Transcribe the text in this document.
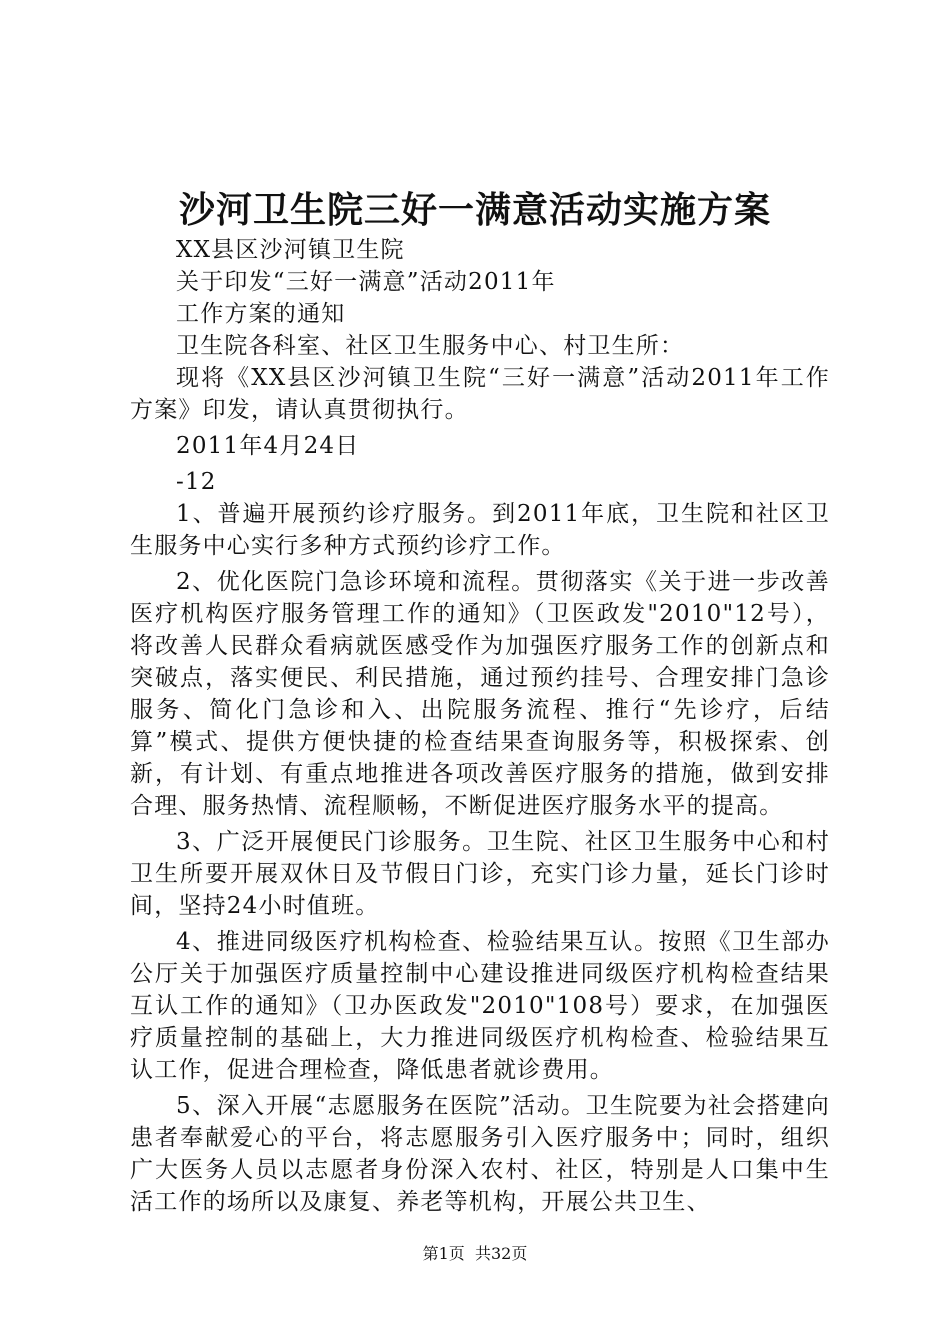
沙河卫生院三好一满意活动实施方案

XX县区沙河镇卫生院

关于印发“三好一满意”活动2011年

工作方案的通知

卫生院各科室、社区卫生服务中心、村卫生所：

现将《XX县区沙河镇卫生院“三好一满意”活动2011年工作方案》印发，请认真贯彻执行。

2011年4月24日

-12

1、普遍开展预约诊疗服务。到2011年底，卫生院和社区卫生服务中心实行多种方式预约诊疗工作。

2、优化医院门急诊环境和流程。贯彻落实《关于进一步改善医疗机构医疗服务管理工作的通知》（卫医政发"2010"12号），将改善人民群众看病就医感受作为加强医疗服务工作的创新点和突破点，落实便民、利民措施，通过预约挂号、合理安排门急诊服务、简化门急诊和入、出院服务流程、推行“先诊疗，后结算”模式、提供方便快捷的检查结果查询服务等，积极探索、创新，有计划、有重点地推进各项改善医疗服务的措施，做到安排合理、服务热情、流程顺畅，不断促进医疗服务水平的提高。

3、广泛开展便民门诊服务。卫生院、社区卫生服务中心和村卫生所要开展双休日及节假日门诊，充实门诊力量，延长门诊时间，坚持24小时值班。

4、推进同级医疗机构检查、检验结果互认。按照《卫生部办公厅关于加强医疗质量控制中心建设推进同级医疗机构检查结果互认工作的通知》（卫办医政发"2010"108号）要求，在加强医疗质量控制的基础上，大力推进同级医疗机构检查、检验结果互认工作，促进合理检查，降低患者就诊费用。

5、深入开展“志愿服务在医院”活动。卫生院要为社会搭建向患者奉献爱心的平台，将志愿服务引入医疗服务中；同时，组织广大医务人员以志愿者身份深入农村、社区，特别是人口集中生活工作的场所以及康复、养老等机构，开展公共卫生、

第1页 共32页
